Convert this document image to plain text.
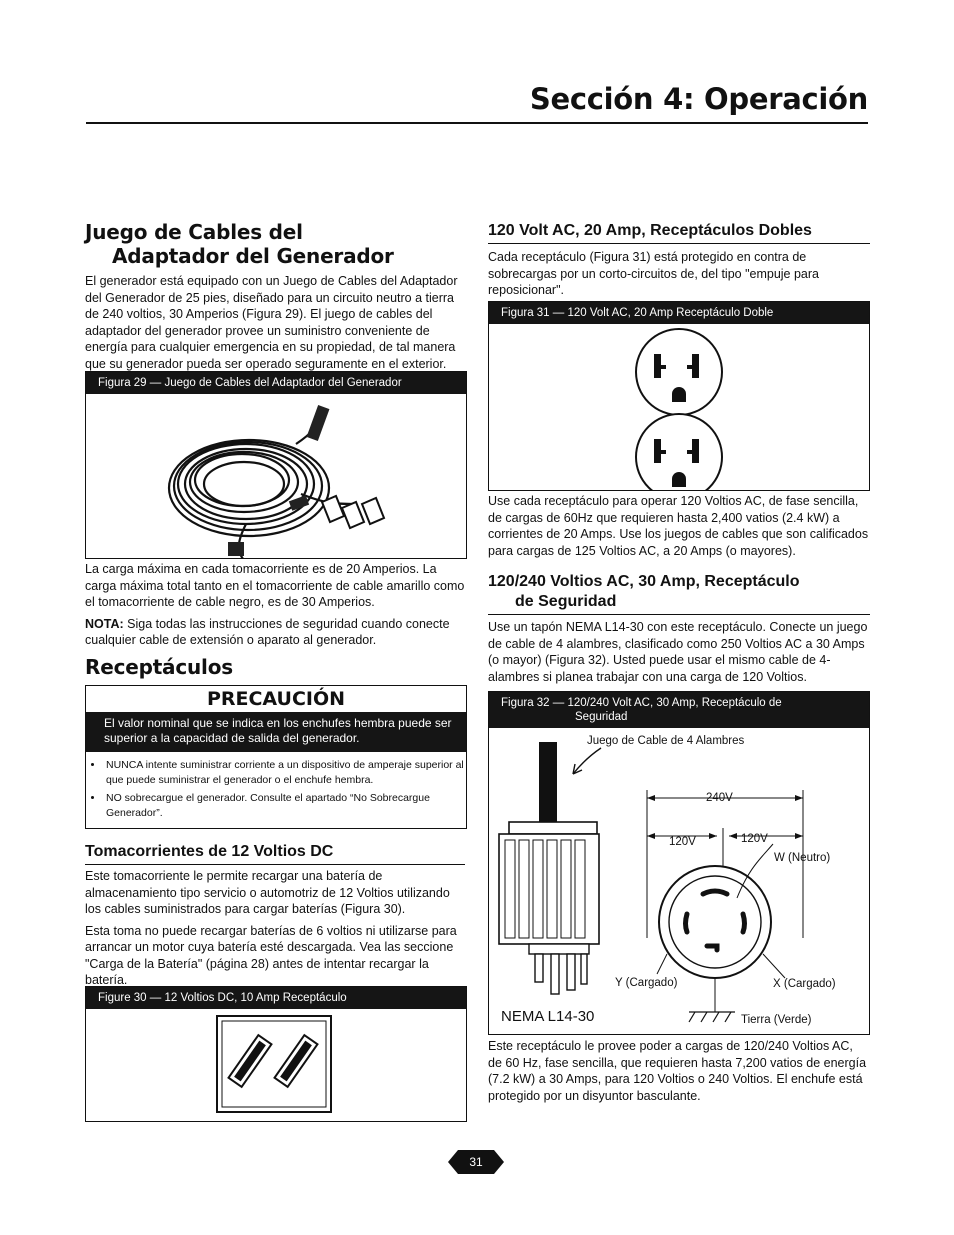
Sección 4: Operación
Juego de Cables del
Adaptador del Generador

El generador está equipado con un Juego de Cables del Adaptador del Generador de 25 pies, diseñado para un circuito neutro a tierra de 240 voltios, 30 Amperios (Figura 29). El juego de cables del adaptador del generador provee un suministro conveniente de energía para cualquier emergencia en su propiedad, de tal manera que su generador pueda ser operado seguramente en el exterior.

Figura 29 — Juego de Cables del Adaptador del Generador

La carga máxima en cada tomacorriente es de 20 Amperios. La carga máxima total tanto en el tomacorriente de cable amarillo como el tomacorriente de cable negro, es de 30 Amperios.

NOTA: Siga todas las instrucciones de seguridad cuando conecte cualquier cable de extensión o aparato al generador.

Receptáculos
PRECAUCIÓN
El valor nominal que se indica en los enchufes hembra puede ser superior a la capacidad de salida del generador.
• NUNCA intente suministrar corriente a un dispositivo de amperaje superior al que puede suministrar el generador o el enchufe hembra.
• NO sobrecargue el generador. Consulte el apartado “No Sobrecargue Generador”.
Tomacorrientes de 12 Voltios DC

Este tomacorriente le permite recargar una batería de almacenamiento tipo servicio o automotriz de 12 Voltios utilizando los cables suministrados para cargar baterías (Figura 30).

Esta toma no puede recargar baterías de 6 voltios ni utilizarse para arrancar un motor cuya batería esté descargada. Vea las seccione "Carga de la Batería" (página 28) antes de intentar recargar la batería.

Figure 30 — 12 Voltios DC, 10 Amp Receptáculo
120 Volt AC, 20 Amp, Receptáculos Dobles

Cada receptáculo (Figura 31) está protegido en contra de sobrecargas por un corto-circuitos de, del tipo "empuje para reposicionar".

Figura 31 — 120 Volt AC, 20 Amp Receptáculo Doble

Use cada receptáculo para operar 120 Voltios AC, de fase sencilla, de cargas de 60Hz que requieren hasta 2,400 vatios (2.4 kW) a corrientes de 20 Amps. Use los juegos de cables que son calificados para cargas de 125 Voltios AC, a 20 Amps (o mayores).

120/240 Voltios AC, 30 Amp, Receptáculo
de Seguridad

Use un tapón NEMA L14-30 con este receptáculo. Conecte un juego de cable de 4 alambres, clasificado como 250 Voltios AC a 30 Amps (o mayor) (Figura 32). Usted puede usar el mismo cable de 4-alambres si planea trabajar con una carga de 120 Voltios.

Figura 32 — 120/240 Volt AC, 30 Amp, Receptáculo de
Seguridad
Juego de Cable de 4 Alambres
240V
120V	120V
W (Neutro)
Y (Cargado)	X (Cargado)
Tierra (Verde)
NEMA L14-30

Este receptáculo le provee poder a cargas de 120/240 Voltios AC, de 60 Hz, fase sencilla, que requieren hasta 7,200 vatios de energía (7.2 kW) a 30 Amps, para 120 Voltios o 240 Voltios. El enchufe está protegido por un disyuntor basculante.

31
